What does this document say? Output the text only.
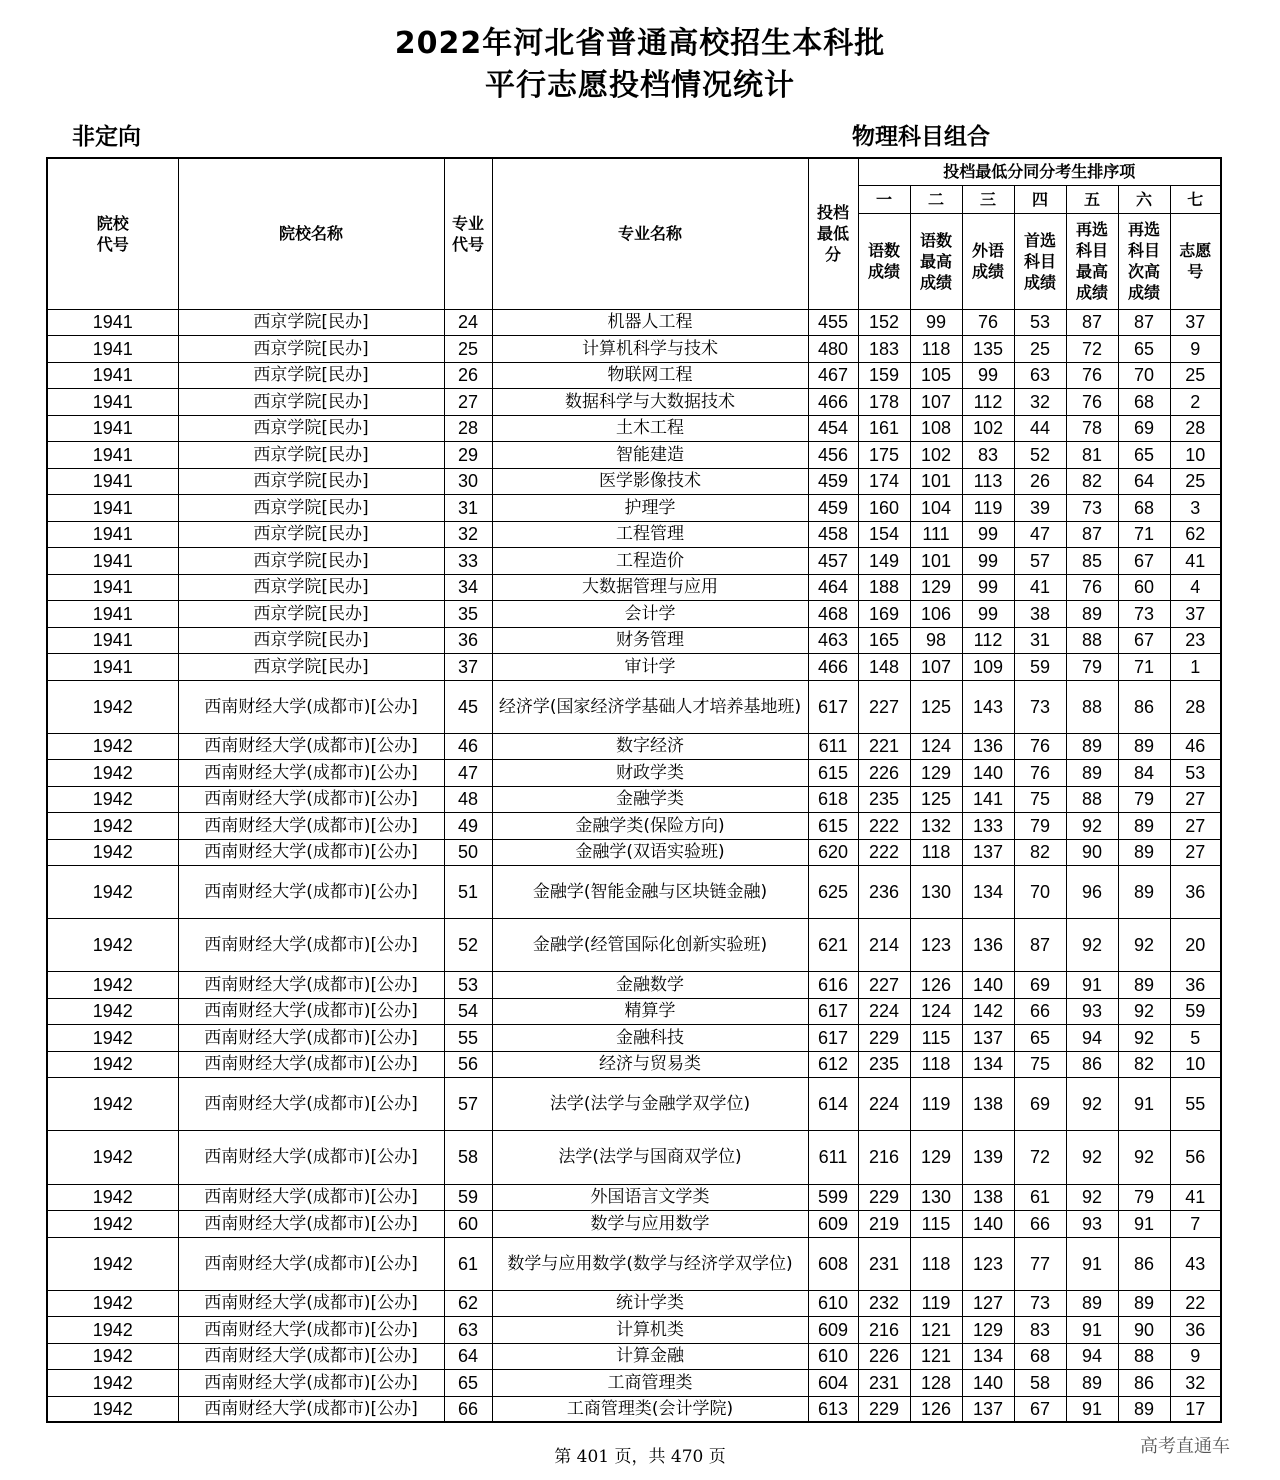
2022年河北省普通高校招生本科批
平行志愿投档情况统计
非定向	物理科目组合
院校代号	院校名称	专业代号	专业名称	投档最低分	投档最低分同分考生排序项						
					一	二	三	四	五	六	七

					语数成绩	语数最高成绩	外语成绩	首选科目成绩	再选科目最高成绩	再选科目次高成绩	志愿号

1941	西京学院[民办]	24	机器人工程	455	152	99	76	53	87	87	37
1941	西京学院[民办]	25	计算机科学与技术	480	183	118	135	25	72	65	9
1941	西京学院[民办]	26	物联网工程	467	159	105	99	63	76	70	25
1941	西京学院[民办]	27	数据科学与大数据技术	466	178	107	112	32	76	68	2
1941	西京学院[民办]	28	土木工程	454	161	108	102	44	78	69	28
1941	西京学院[民办]	29	智能建造	456	175	102	83	52	81	65	10
1941	西京学院[民办]	30	医学影像技术	459	174	101	113	26	82	64	25
1941	西京学院[民办]	31	护理学	459	160	104	119	39	73	68	3
1941	西京学院[民办]	32	工程管理	458	154	111	99	47	87	71	62
1941	西京学院[民办]	33	工程造价	457	149	101	99	57	85	67	41
1941	西京学院[民办]	34	大数据管理与应用	464	188	129	99	41	76	60	4
1941	西京学院[民办]	35	会计学	468	169	106	99	38	89	73	37
1941	西京学院[民办]	36	财务管理	463	165	98	112	31	88	67	23
1941	西京学院[民办]	37	审计学	466	148	107	109	59	79	71	1
1942	西南财经大学(成都市)[公办]	45	经济学(国家经济学基础人才培养基地班)	617	227	125	143	73	88	86	28
1942	西南财经大学(成都市)[公办]	46	数字经济	611	221	124	136	76	89	89	46
1942	西南财经大学(成都市)[公办]	47	财政学类	615	226	129	140	76	89	84	53
1942	西南财经大学(成都市)[公办]	48	金融学类	618	235	125	141	75	88	79	27
1942	西南财经大学(成都市)[公办]	49	金融学类(保险方向)	615	222	132	133	79	92	89	27
1942	西南财经大学(成都市)[公办]	50	金融学(双语实验班)	620	222	118	137	82	90	89	27
1942	西南财经大学(成都市)[公办]	51	金融学(智能金融与区块链金融)	625	236	130	134	70	96	89	36
1942	西南财经大学(成都市)[公办]	52	金融学(经管国际化创新实验班)	621	214	123	136	87	92	92	20
1942	西南财经大学(成都市)[公办]	53	金融数学	616	227	126	140	69	91	89	36
1942	西南财经大学(成都市)[公办]	54	精算学	617	224	124	142	66	93	92	59
1942	西南财经大学(成都市)[公办]	55	金融科技	617	229	115	137	65	94	92	5
1942	西南财经大学(成都市)[公办]	56	经济与贸易类	612	235	118	134	75	86	82	10
1942	西南财经大学(成都市)[公办]	57	法学(法学与金融学双学位)	614	224	119	138	69	92	91	55
1942	西南财经大学(成都市)[公办]	58	法学(法学与国商双学位)	611	216	129	139	72	92	92	56
1942	西南财经大学(成都市)[公办]	59	外国语言文学类	599	229	130	138	61	92	79	41
1942	西南财经大学(成都市)[公办]	60	数学与应用数学	609	219	115	140	66	93	91	7
1942	西南财经大学(成都市)[公办]	61	数学与应用数学(数学与经济学双学位)	608	231	118	123	77	91	86	43
1942	西南财经大学(成都市)[公办]	62	统计学类	610	232	119	127	73	89	89	22
1942	西南财经大学(成都市)[公办]	63	计算机类	609	216	121	129	83	91	90	36
1942	西南财经大学(成都市)[公办]	64	计算金融	610	226	121	134	68	94	88	9
1942	西南财经大学(成都市)[公办]	65	工商管理类	604	231	128	140	58	89	86	32
1942	西南财经大学(成都市)[公办]	66	工商管理类(会计学院)	613	229	126	137	67	91	89	17
第 401 页，共 470 页	高考直通车
